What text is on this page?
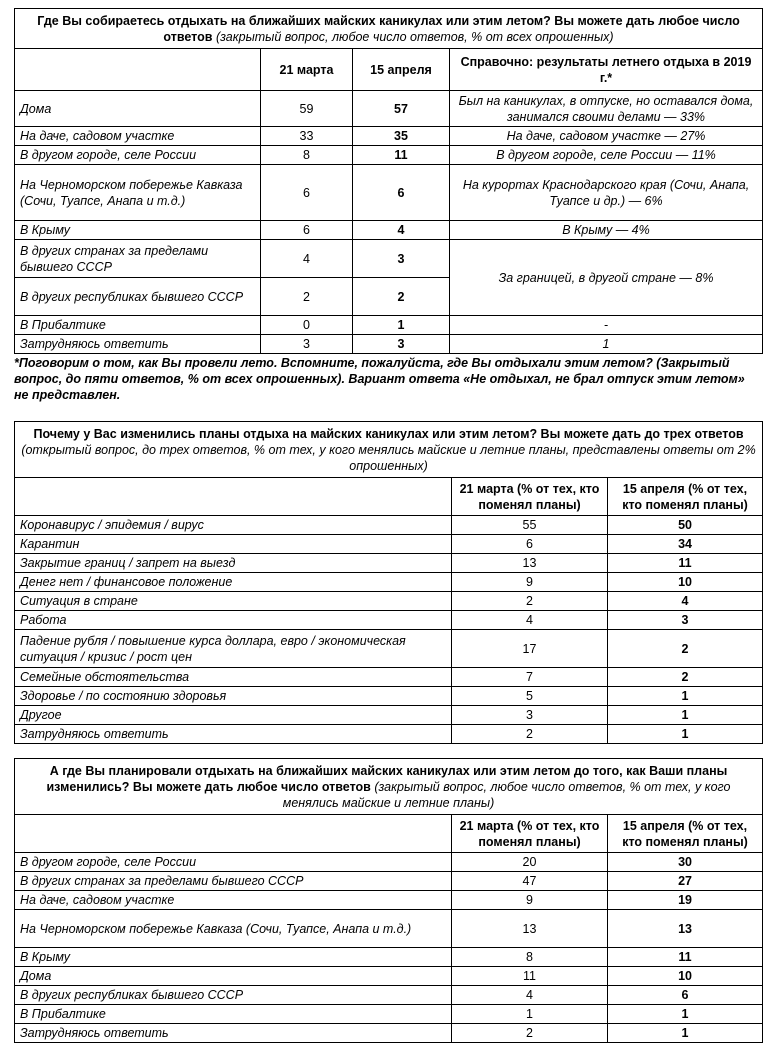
Где Вы собираетесь отдыхать на ближайших майских каникулах или этим летом? Вы можете дать любое число ответов (закрытый вопрос, любое число ответов, % от всех опрошенных)			
	21 марта	15 апреля	Справочно: результаты летнего отдыха в 2019 г.*
Дома	59	57	Был на каникулах, в отпуске, но оставался дома, занимался своими делами — 33%
На даче, садовом участке	33	35	На даче, садовом участке — 27%
В другом городе, селе России	8	11	В другом городе, селе России — 11%
На Черноморском побережье Кавказа (Сочи, Туапсе, Анапа и т.д.)	6	6	На курортах Краснодарского края (Сочи, Анапа, Туапсе и др.) — 6%
В Крыму	6	4	В Крыму — 4%
В других странах за пределами бывшего СССР	4	3	За границей, в другой стране — 8%
В других республиках бывшего СССР	2	2	
В Прибалтике	0	1	-
Затрудняюсь ответить	3	3	1
*Поговорим о том, как Вы провели лето. Вспомните, пожалуйста, где Вы отдыхали этим летом? (Закрытый вопрос, до пяти ответов, % от всех опрошенных). Вариант ответа «Не отдыхал, не брал отпуск этим летом» не представлен.
Почему у Вас изменились планы отдыха на майских каникулах или этим летом? Вы можете дать до трех ответов (открытый вопрос, до трех ответов, % от тех, у кого менялись майские и летние планы, представлены ответы от 2% опрошенных)		
	21 марта (% от тех, кто поменял планы)	15 апреля (% от тех, кто поменял планы)
Коронавирус / эпидемия / вирус	55	50
Карантин	6	34
Закрытие границ / запрет на выезд	13	11
Денег нет / финансовое положение	9	10
Ситуация в стране	2	4
Работа	4	3
Падение рубля / повышение курса доллара, евро / экономическая ситуация / кризис / рост цен	17	2
Семейные обстоятельства	7	2
Здоровье / по состоянию здоровья	5	1
Другое	3	1
Затрудняюсь ответить	2	1
А где Вы планировали отдыхать на ближайших майских каникулах или этим летом до того, как Ваши планы изменились? Вы можете дать любое число ответов (закрытый вопрос, любое число ответов, % от тех, у кого менялись майские и летние планы)		
	21 марта (% от тех, кто поменял планы)	15 апреля (% от тех, кто поменял планы)
В другом городе, селе России	20	30
В других странах за пределами бывшего СССР	47	27
На даче, садовом участке	9	19
На Черноморском побережье Кавказа (Сочи, Туапсе, Анапа и т.д.)	13	13
В Крыму	8	11
Дома	11	10
В других республиках бывшего СССР	4	6
В Прибалтике	1	1
Затрудняюсь ответить	2	1
